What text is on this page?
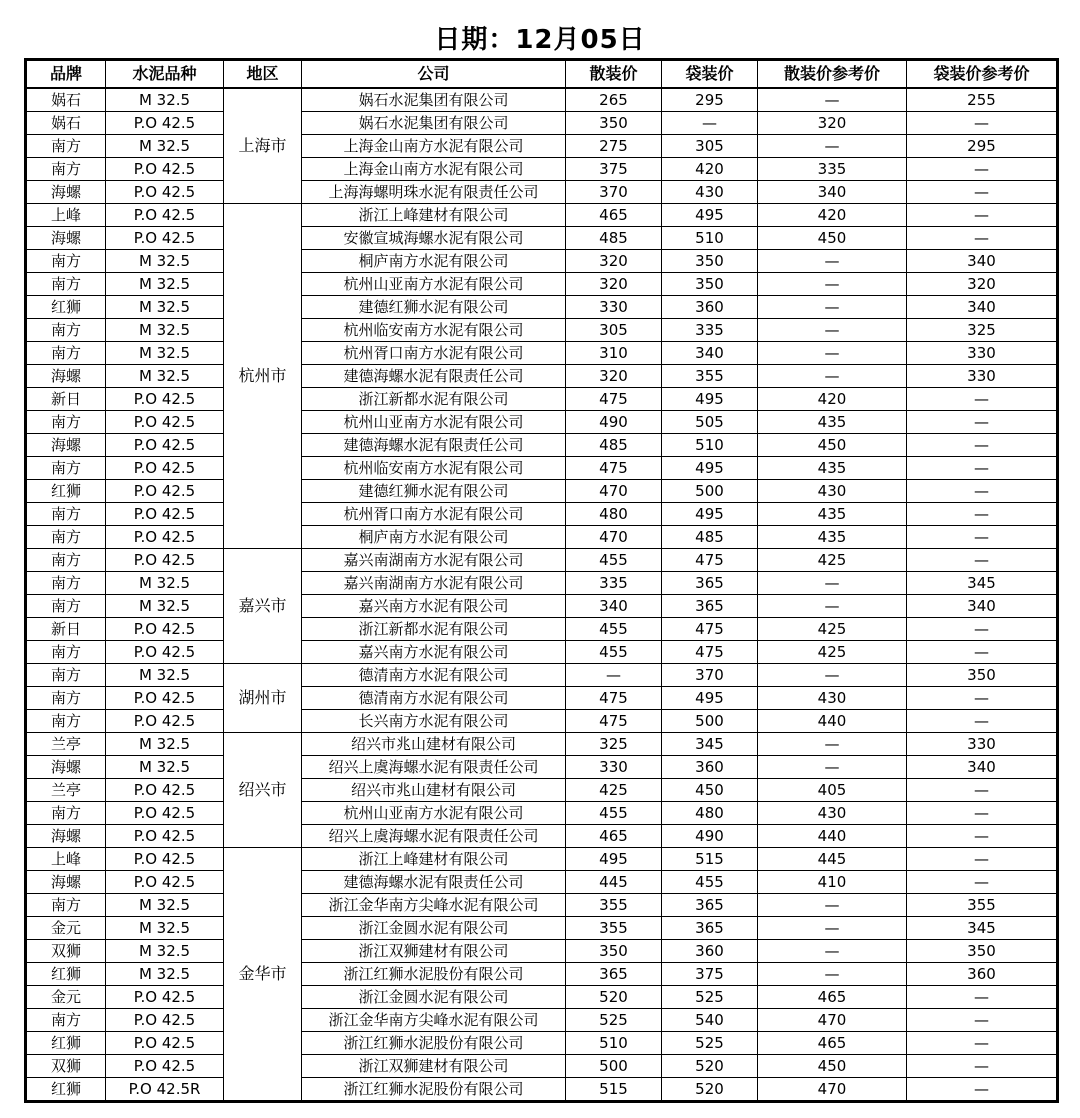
日期：12月05日
品牌	水泥品种	地区	公司	散装价	袋装价	散装价参考价	袋装价参考价
娲石	M 32.5	上海市	娲石水泥集团有限公司	265	295	—	255
娲石	P.O 42.5		娲石水泥集团有限公司	350	—	320	—
南方	M 32.5		上海金山南方水泥有限公司	275	305	—	295
南方	P.O 42.5		上海金山南方水泥有限公司	375	420	335	—
海螺	P.O 42.5		上海海螺明珠水泥有限责任公司	370	430	340	—
上峰	P.O 42.5	杭州市	浙江上峰建材有限公司	465	495	420	—
海螺	P.O 42.5		安徽宣城海螺水泥有限公司	485	510	450	—
南方	M 32.5		桐庐南方水泥有限公司	320	350	—	340
南方	M 32.5		杭州山亚南方水泥有限公司	320	350	—	320
红狮	M 32.5		建德红狮水泥有限公司	330	360	—	340
南方	M 32.5		杭州临安南方水泥有限公司	305	335	—	325
南方	M 32.5		杭州胥口南方水泥有限公司	310	340	—	330
海螺	M 32.5		建德海螺水泥有限责任公司	320	355	—	330
新日	P.O 42.5		浙江新都水泥有限公司	475	495	420	—
南方	P.O 42.5		杭州山亚南方水泥有限公司	490	505	435	—
海螺	P.O 42.5		建德海螺水泥有限责任公司	485	510	450	—
南方	P.O 42.5		杭州临安南方水泥有限公司	475	495	435	—
红狮	P.O 42.5		建德红狮水泥有限公司	470	500	430	—
南方	P.O 42.5		杭州胥口南方水泥有限公司	480	495	435	—
南方	P.O 42.5		桐庐南方水泥有限公司	470	485	435	—
南方	P.O 42.5	嘉兴市	嘉兴南湖南方水泥有限公司	455	475	425	—
南方	M 32.5		嘉兴南湖南方水泥有限公司	335	365	—	345
南方	M 32.5		嘉兴南方水泥有限公司	340	365	—	340
新日	P.O 42.5		浙江新都水泥有限公司	455	475	425	—
南方	P.O 42.5		嘉兴南方水泥有限公司	455	475	425	—
南方	M 32.5	湖州市	德清南方水泥有限公司	—	370	—	350
南方	P.O 42.5		德清南方水泥有限公司	475	495	430	—
南方	P.O 42.5		长兴南方水泥有限公司	475	500	440	—
兰亭	M 32.5	绍兴市	绍兴市兆山建材有限公司	325	345	—	330
海螺	M 32.5		绍兴上虞海螺水泥有限责任公司	330	360	—	340
兰亭	P.O 42.5		绍兴市兆山建材有限公司	425	450	405	—
南方	P.O 42.5		杭州山亚南方水泥有限公司	455	480	430	—
海螺	P.O 42.5		绍兴上虞海螺水泥有限责任公司	465	490	440	—
上峰	P.O 42.5	金华市	浙江上峰建材有限公司	495	515	445	—
海螺	P.O 42.5		建德海螺水泥有限责任公司	445	455	410	—
南方	M 32.5		浙江金华南方尖峰水泥有限公司	355	365	—	355
金元	M 32.5		浙江金圆水泥有限公司	355	365	—	345
双狮	M 32.5		浙江双狮建材有限公司	350	360	—	350
红狮	M 32.5		浙江红狮水泥股份有限公司	365	375	—	360
金元	P.O 42.5		浙江金圆水泥有限公司	520	525	465	—
南方	P.O 42.5		浙江金华南方尖峰水泥有限公司	525	540	470	—
红狮	P.O 42.5		浙江红狮水泥股份有限公司	510	525	465	—
双狮	P.O 42.5		浙江双狮建材有限公司	500	520	450	—
红狮	P.O 42.5R		浙江红狮水泥股份有限公司	515	520	470	—
